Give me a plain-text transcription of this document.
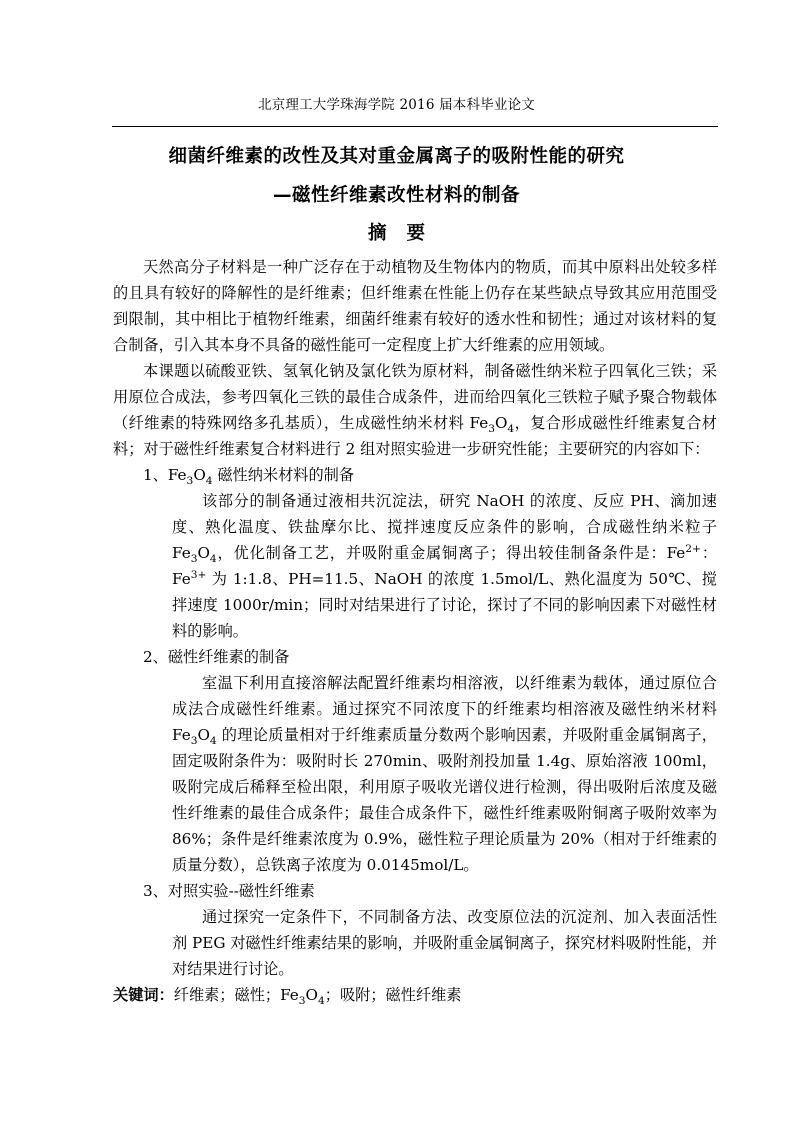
北京理工大学珠海学院 2016 届本科毕业论文
细菌纤维素的改性及其对重金属离子的吸附性能的研究
—磁性纤维素改性材料的制备
摘要

天然高分子材料是一种广泛存在于动植物及生物体内的物质，而其中原料出处较多样的且具有较好的降解性的是纤维素；但纤维素在性能上仍存在某些缺点导致其应用范围受到限制，其中相比于植物纤维素，细菌纤维素有较好的透水性和韧性；通过对该材料的复合制备，引入其本身不具备的磁性能可一定程度上扩大纤维素的应用领域。

本课题以硫酸亚铁、氢氧化钠及氯化铁为原材料，制备磁性纳米粒子四氧化三铁；采用原位合成法，参考四氧化三铁的最佳合成条件，进而给四氧化三铁粒子赋予聚合物载体（纤维素的特殊网络多孔基质），生成磁性纳米材料 $Fe_3O_4$，复合形成磁性纤维素复合材料；对于磁性纤维素复合材料进行 2 组对照实验进一步研究性能；主要研究的内容如下：

1、$Fe_3O_4$ 磁性纳米材料的制备

该部分的制备通过液相共沉淀法，研究 NaOH 的浓度、反应 PH、滴加速度、熟化温度、铁盐摩尔比、搅拌速度反应条件的影响，合成磁性纳米粒子 $Fe_3O_4$，优化制备工艺，并吸附重金属铜离子；得出较佳制备条件是：$Fe^{2+}$：$Fe^{3+}$ 为 1:1.8、PH=11.5、NaOH 的浓度 1.5mol/L、熟化温度为 50℃、搅拌速度 1000r/min；同时对结果进行了讨论，探讨了不同的影响因素下对磁性材料的影响。

2、磁性纤维素的制备

室温下利用直接溶解法配置纤维素均相溶液，以纤维素为载体，通过原位合成法合成磁性纤维素。通过探究不同浓度下的纤维素均相溶液及磁性纳米材料 $Fe_3O_4$ 的理论质量相对于纤维素质量分数两个影响因素，并吸附重金属铜离子，固定吸附条件为：吸附时长 270min、吸附剂投加量 1.4g、原始溶液 100ml，吸附完成后稀释至检出限，利用原子吸收光谱仪进行检测，得出吸附后浓度及磁性纤维素的最佳合成条件；最佳合成条件下，磁性纤维素吸附铜离子吸附效率为 86%；条件是纤维素浓度为 0.9%，磁性粒子理论质量为 20%（相对于纤维素的质量分数），总铁离子浓度为 0.0145mol/L。

3、对照实验--磁性纤维素

通过探究一定条件下，不同制备方法、改变原位法的沉淀剂、加入表面活性剂 PEG 对磁性纤维素结果的影响，并吸附重金属铜离子，探究材料吸附性能，并对结果进行讨论。

关键词：纤维素；磁性；$Fe_3O_4$；吸附；磁性纤维素
